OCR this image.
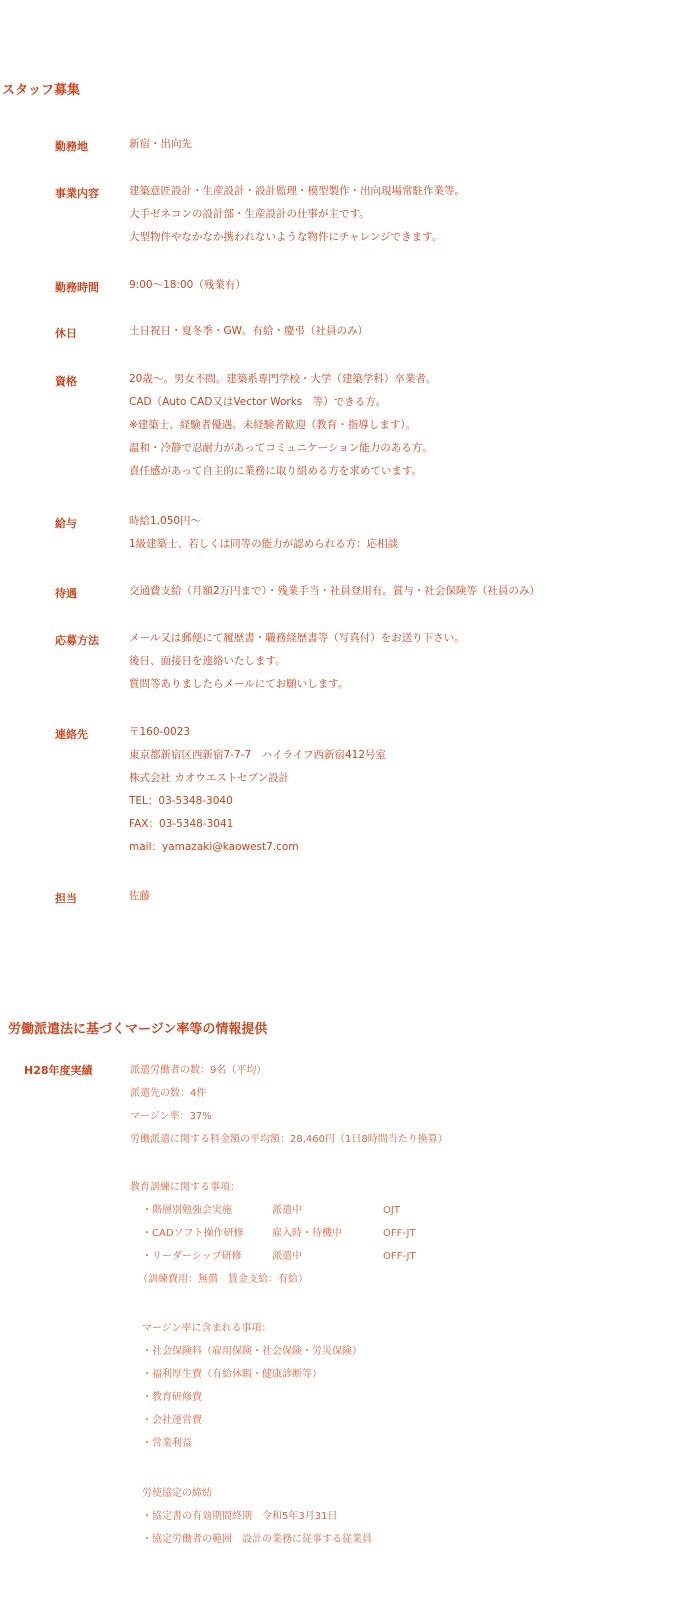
スタッフ募集
勤務地	新宿・出向先
事業内容	建築意匠設計・生産設計・設計監理・模型製作・出向現場常駐作業等。
大手ゼネコンの設計部・生産設計の仕事が主です。
大型物件やなかなか携われないような物件にチャレンジできます。
勤務時間	9:00〜18:00（残業有）
休日	土日祝日・夏冬季・GW。有給・慶弔（社員のみ）
資格	20歳〜。男女不問。建築系専門学校・大学（建築学科）卒業者。
CAD（Auto CAD又はVector Works　等）できる方。
※建築士、経験者優遇。未経験者歓迎（教育・指導します）。
温和・冷静で忍耐力があってコミュニケーション能力のある方。
責任感があって自主的に業務に取り組める方を求めています。
給与	時給1,050円〜
1級建築士、若しくは同等の能力が認められる方：応相談
待遇	交通費支給（月額2万円まで）・残業手当・社員登用有。賞与・社会保険等（社員のみ）
応募方法	メール又は郵便にて履歴書・職務経歴書等（写真付）をお送り下さい。
後日、面接日を連絡いたします。
質問等ありましたらメールにてお願いします。
連絡先	〒160-0023
東京都新宿区西新宿7-7-7　ハイライフ西新宿412号室
株式会社 カオウエストセブン設計
TEL：03-5348-3040
FAX：03-5348-3041
mail：yamazaki@kaowest7.com
担当	佐藤
労働派遣法に基づくマージン率等の情報提供
H28年度実績	派遣労働者の数：9名（平均）
派遣先の数：4件
マージン率：37%
労働派遣に関する料金額の平均額：28,460円（1日8時間当たり換算）
教育訓練に関する事項：
・階層別勉強会実施	派遣中	OJT
・CADソフト操作研修	雇入時・待機中	OFF-JT
・リーダーシップ研修	派遣中	OFF-JT
（訓練費用：無償　賃金支給：有給）
マージン率に含まれる事項：
・社会保険料（雇用保険・社会保険・労災保険）
・福利厚生費（有給休暇・健康診断等）
・教育研修費
・会社運営費
・営業利益
労使協定の締結
・協定書の有効期間終期　令和5年3月31日
・協定労働者の範囲　設計の業務に従事する従業員
